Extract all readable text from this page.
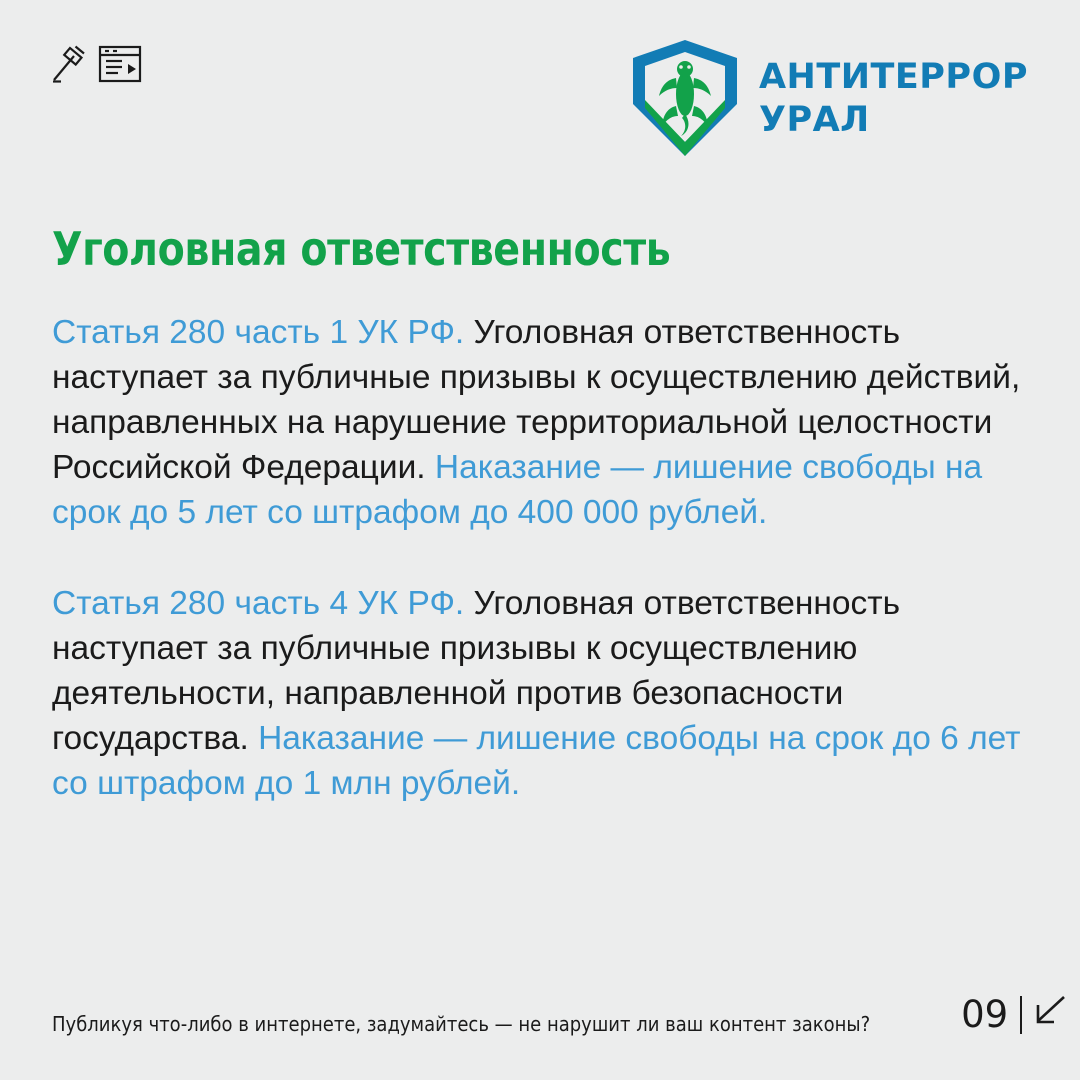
АНТИТЕРРОР
УРАЛ
Уголовная ответственность

Статья 280 часть 1 УК РФ. Уголовная ответственность наступает за публичные призывы к осуществлению действий, направленных на нарушение территориальной целостности Российской Федерации. Наказание — лишение свободы на срок до 5 лет со штрафом до 400 000 рублей.

Статья 280 часть 4 УК РФ. Уголовная ответственность наступает за публичные призывы к осуществлению деятельности, направленной против безопасности государства. Наказание — лишение свободы на срок до 6 лет со штрафом до 1 млн рублей.

Публикуя что-либо в интернете, задумайтесь — не нарушит ли ваш контент законы? 09
